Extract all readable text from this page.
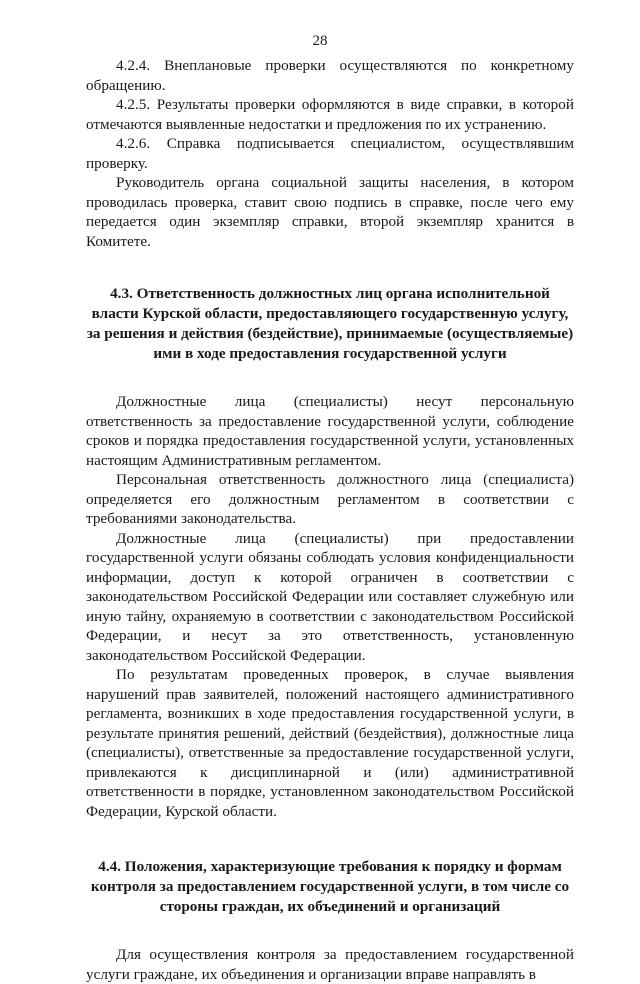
28

4.2.4. Внеплановые проверки осуществляются по конкретному обращению.

4.2.5. Результаты проверки оформляются в виде справки, в которой отмечаются выявленные недостатки и предложения по их устранению.

4.2.6. Справка подписывается специалистом, осуществлявшим проверку.

Руководитель органа социальной защиты населения, в котором проводилась проверка, ставит свою подпись в справке, после чего ему передается один экземпляр справки, второй экземпляр хранится в Комитете.

4.3. Ответственность должностных лиц органа исполнительной власти Курской области, предоставляющего государственную услугу, за решения и действия (бездействие), принимаемые (осуществляемые) ими в ходе предоставления государственной услуги

Должностные лица (специалисты) несут персональную ответственность за предоставление государственной услуги, соблюдение сроков и порядка предоставления государственной услуги, установленных настоящим Административным регламентом.

Персональная ответственность должностного лица (специалиста) определяется его должностным регламентом в соответствии с требованиями законодательства.

Должностные лица (специалисты) при предоставлении государственной услуги обязаны соблюдать условия конфиденциальности информации, доступ к которой ограничен в соответствии с законодательством Российской Федерации или составляет служебную или иную тайну, охраняемую в соответствии с законодательством Российской Федерации, и несут за это ответственность, установленную законодательством Российской Федерации.

По результатам проведенных проверок, в случае выявления нарушений прав заявителей, положений настоящего административного регламента, возникших в ходе предоставления государственной услуги, в результате принятия решений, действий (бездействия), должностные лица (специалисты), ответственные за предоставление государственной услуги, привлекаются к дисциплинарной и (или) административной ответственности в порядке, установленном законодательством Российской Федерации, Курской области.

4.4. Положения, характеризующие требования к порядку и формам контроля за предоставлением государственной услуги, в том числе со стороны граждан, их объединений и организаций

Для осуществления контроля за предоставлением государственной услуги граждане, их объединения и организации вправе направлять в
